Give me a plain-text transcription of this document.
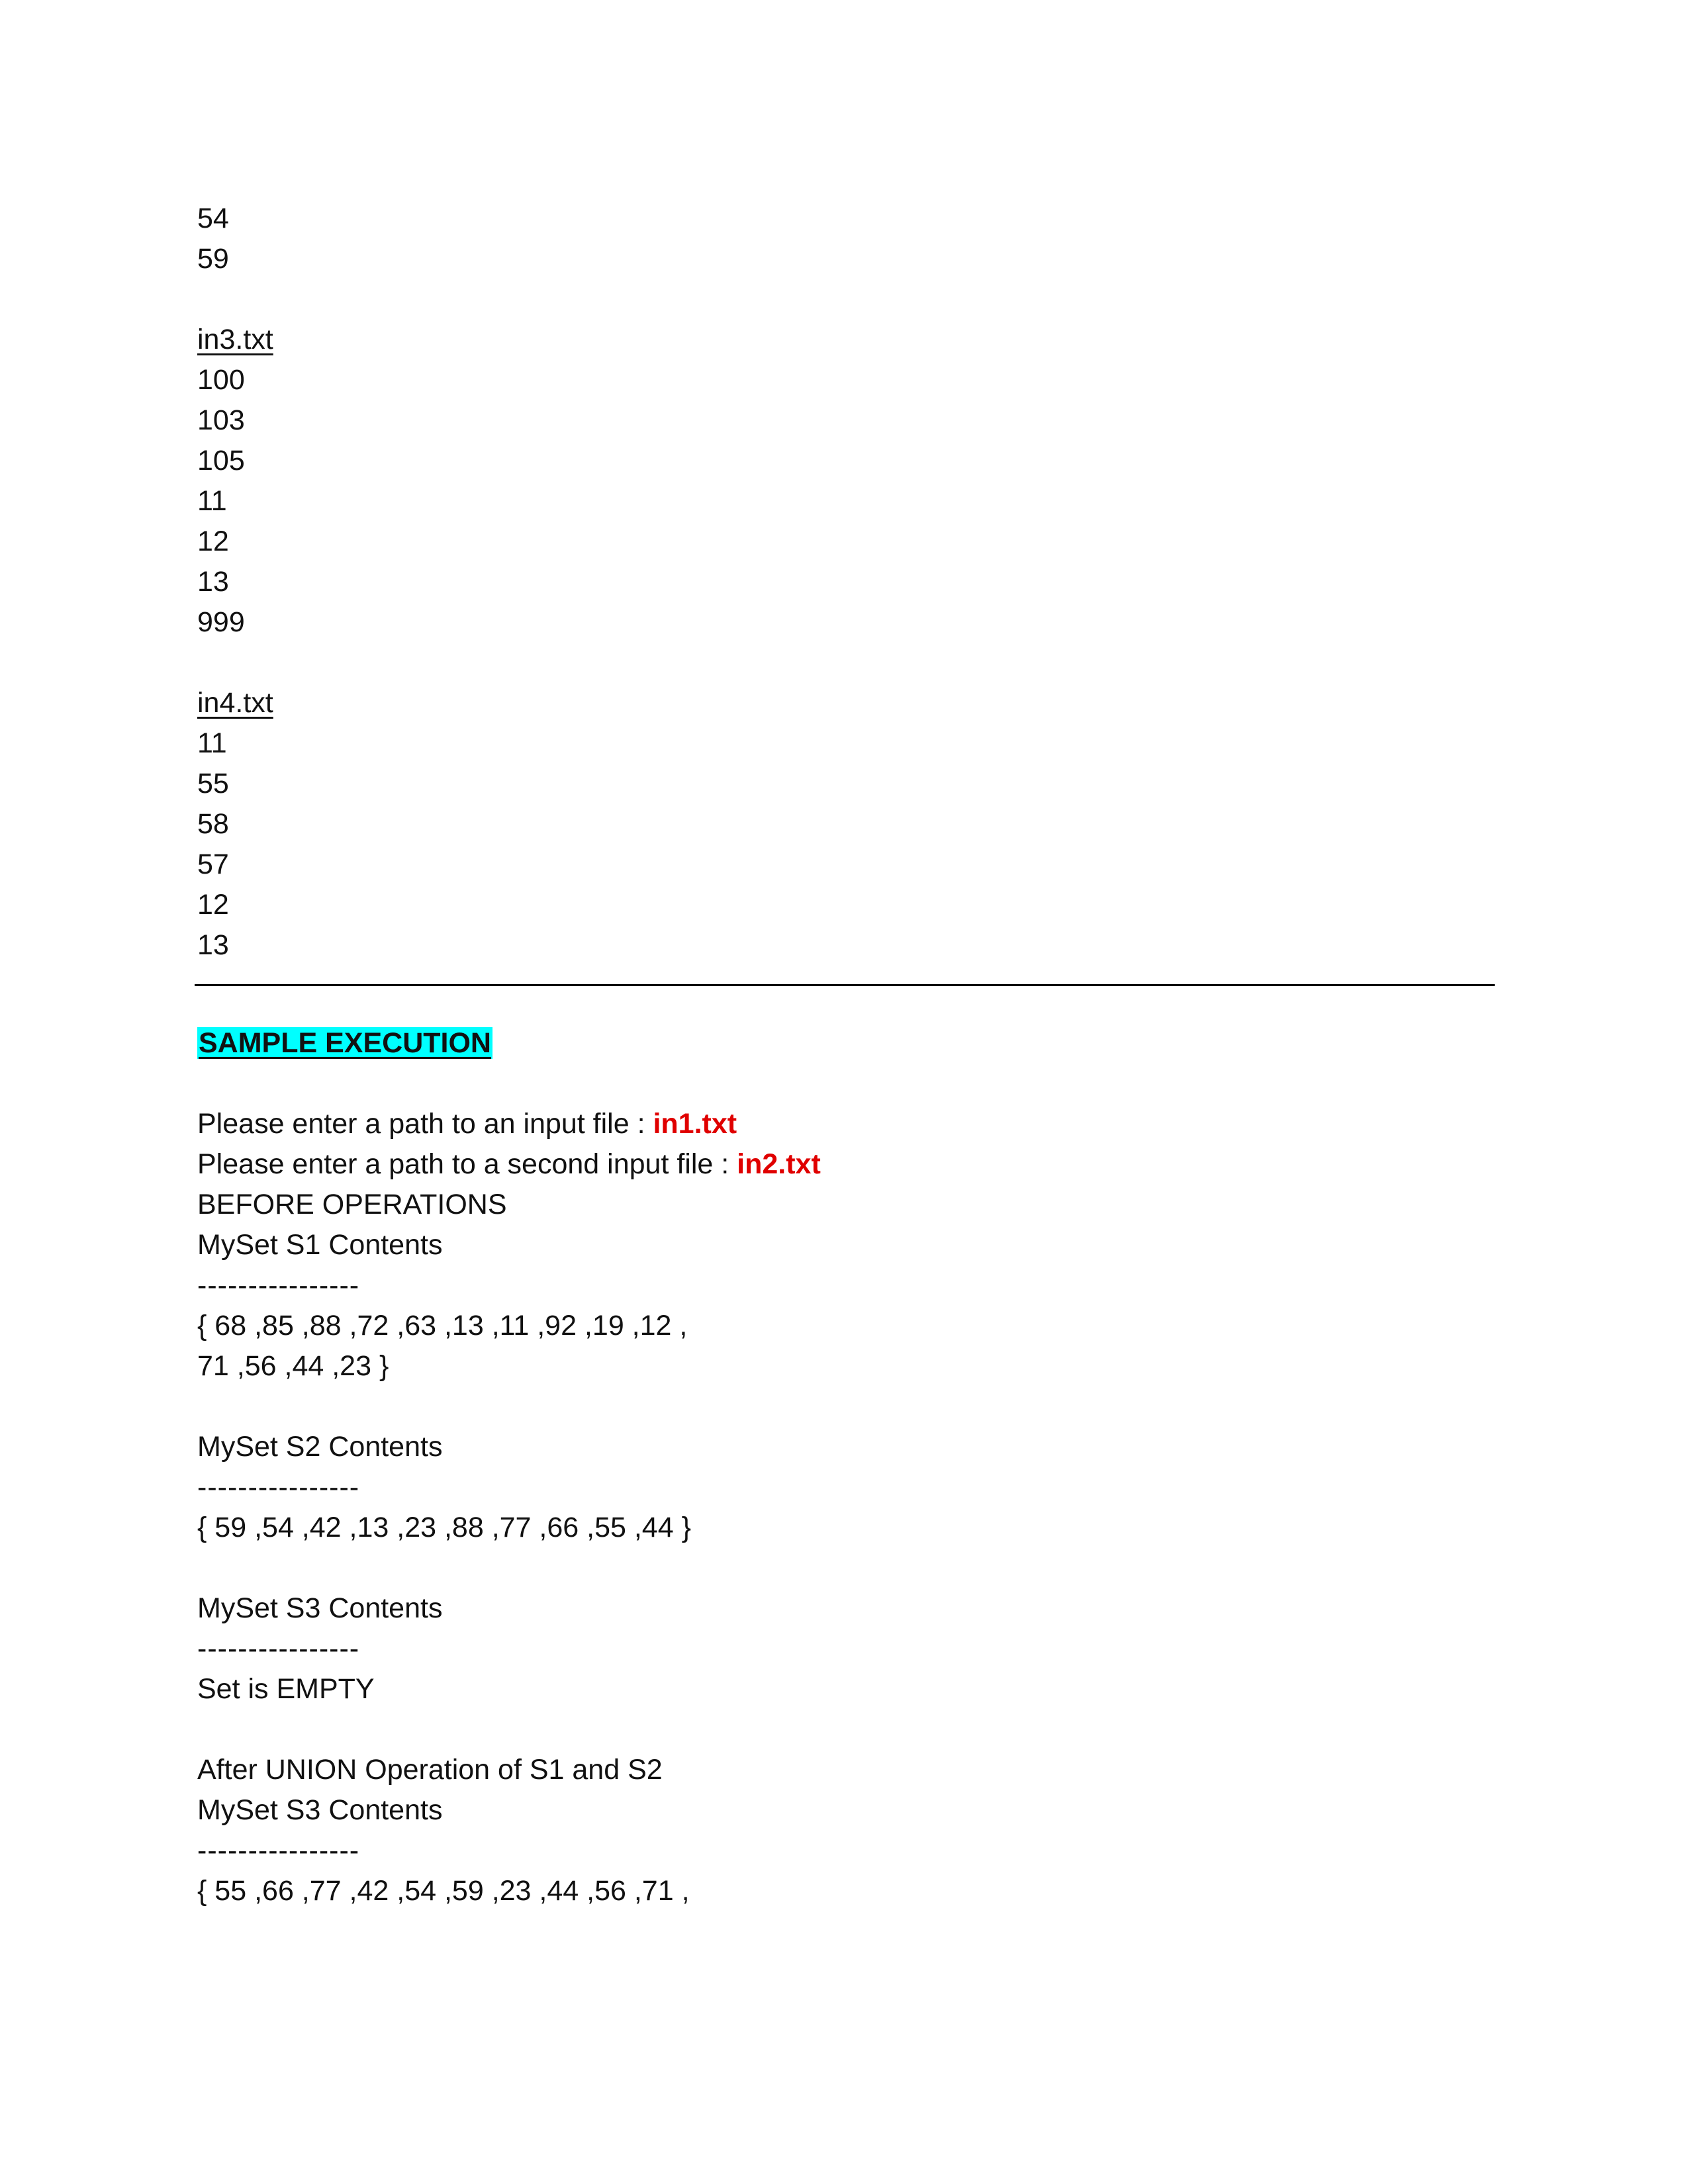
54
59
in3.txt
100
103
105
11
12
13
999
in4.txt
11
55
58
57
12
13
SAMPLE EXECUTION
Please enter a path to an input file : in1.txt
Please enter a path to a second input file : in2.txt
BEFORE OPERATIONS
MySet S1 Contents
----------------
{ 68 ,85 ,88 ,72 ,63 ,13 ,11 ,92 ,19 ,12 ,
71 ,56 ,44 ,23 }
MySet S2 Contents
----------------
{ 59 ,54 ,42 ,13 ,23 ,88 ,77 ,66 ,55 ,44 }
MySet S3 Contents
----------------
Set is EMPTY
After UNION Operation of S1 and S2
MySet S3 Contents
----------------
{ 55 ,66 ,77 ,42 ,54 ,59 ,23 ,44 ,56 ,71 ,
